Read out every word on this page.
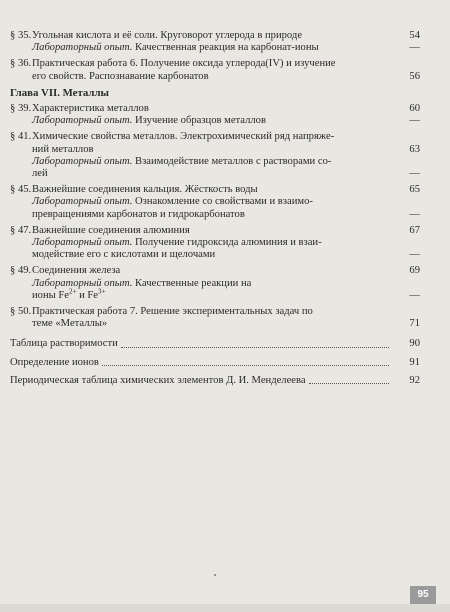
§ 35. Угольная кислота и её соли. Круговорот углерода в природе	54
Лабораторный опыт. Качественная реакция на карбонат-ионы	—
§ 36. Практическая работа 6. Получение оксида углерода(IV) и изучение
его свойств. Распознавание карбонатов	56
Глава VII. Металлы
§ 39. Характеристика металлов	60
Лабораторный опыт. Изучение образцов металлов	—
§ 41. Химические свойства металлов. Электрохимический ряд напряже-
ний металлов	63
Лабораторный опыт. Взаимодействие металлов с растворами со-
лей	—
§ 45. Важнейшие соединения кальция. Жёсткость воды	65
Лабораторный опыт. Ознакомление со свойствами и взаимо-
превращениями карбонатов и гидрокарбонатов	—
§ 47. Важнейшие соединения алюминия	67
Лабораторный опыт. Получение гидроксида алюминия и взаи-
модействие его с кислотами и щелочами	—
§ 49. Соединения железа	69
Лабораторный опыт. Качественные реакции на
ионы $Fe^{2+}$ и $Fe^{3+}$	—
§ 50. Практическая работа 7. Решение экспериментальных задач по
теме «Металлы»	71
Таблица растворимости	90
Определение ионов	91
Периодическая таблица химических элементов Д. И. Менделеева	92
95
